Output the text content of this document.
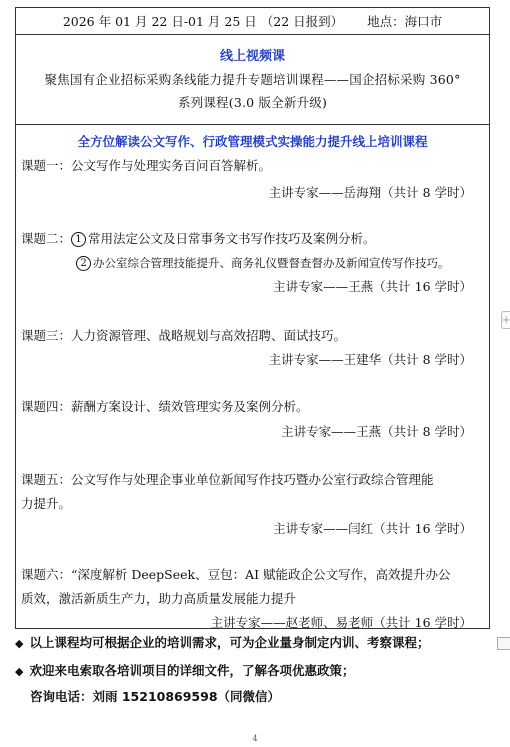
2026 年 01 月 22 日-01 月 25 日 （22 日报到） 地点：海口市
线上视频课
聚焦国有企业招标采购条线能力提升专题培训课程——国企招标采购 360°
系列课程(3.0 版全新升级)
全方位解读公文写作、行政管理模式实操能力提升线上培训课程
课题一：公文写作与处理实务百问百答解析。
主讲专家——岳海翔（共计 8 学时）
课题二： 1 常用法定公文及日常事务文书写作技巧及案例分析。
2 办公室综合管理技能提升、商务礼仪暨督查督办及新闻宣传写作技巧。
主讲专家——王燕（共计 16 学时）
课题三：人力资源管理、战略规划与高效招聘、面试技巧。
主讲专家——王建华（共计 8 学时）
课题四：薪酬方案设计、绩效管理实务及案例分析。
主讲专家——王燕（共计 8 学时）
课题五：公文写作与处理企事业单位新闻写作技巧暨办公室行政综合管理能
力提升。
主讲专家——闫红（共计 16 学时）
课题六：“深度解析 DeepSeek、豆包：AI 赋能政企公文写作，高效提升办公
质效，激活新质生产力，助力高质量发展能力提升
主讲专家——赵老师、易老师（共计 16 学时）
+
◆ 以上课程均可根据企业的培训需求，可为企业量身制定内训、考察课程；
◆ 欢迎来电索取各培训项目的详细文件，了解各项优惠政策；
咨询电话：刘雨 15210869598（同微信）
4
